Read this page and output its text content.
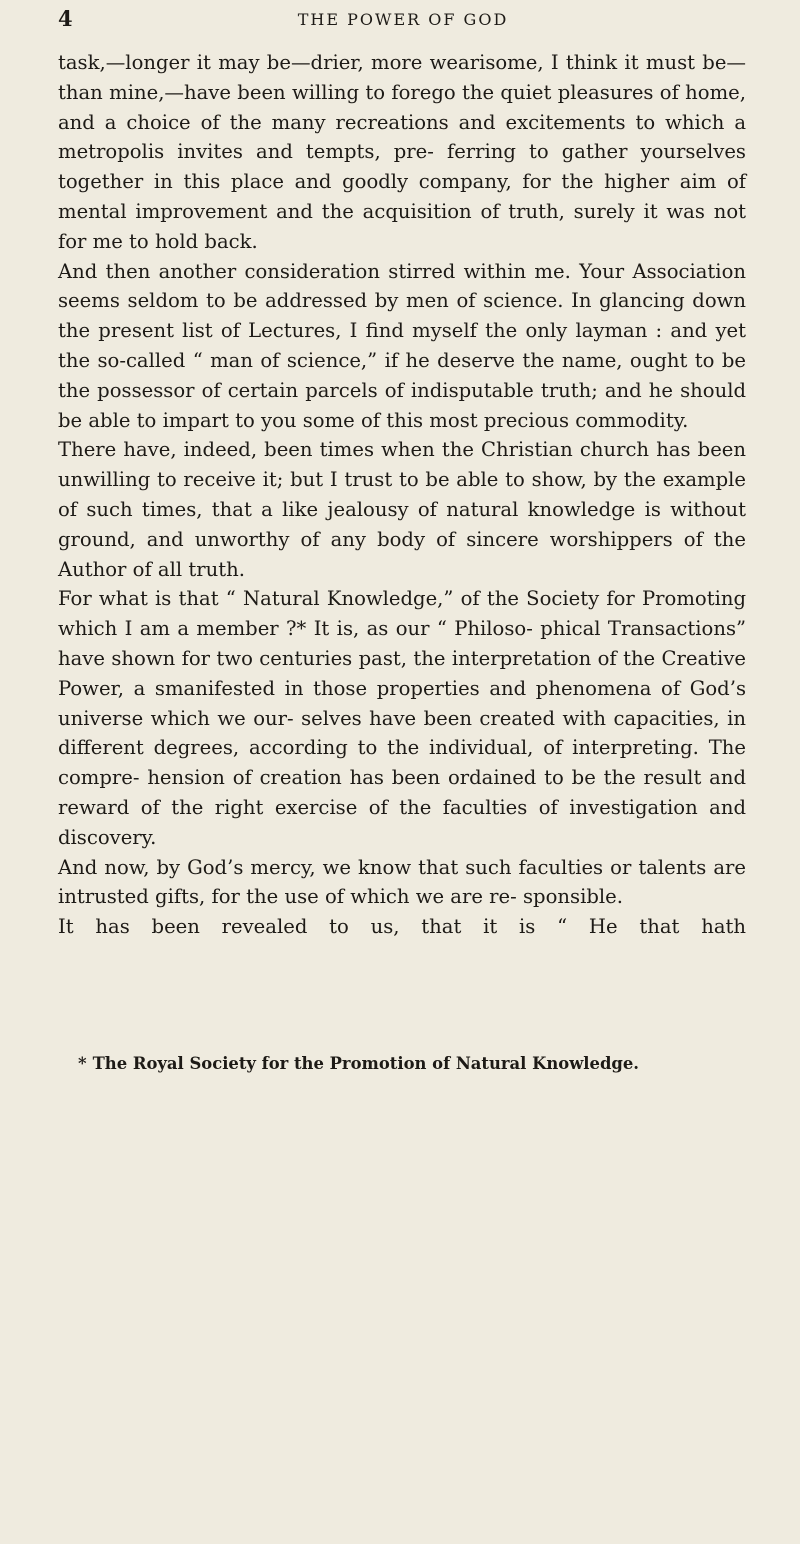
4	THE POWER OF GOD

task,—longer it may be—drier, more wearisome, I think it must be—than mine,—have been willing to forego the quiet pleasures of home, and a choice of the many recreations and excitements to which a metropolis invites and tempts, pre- ferring to gather yourselves together in this place and goodly company, for the higher aim of mental improvement and the acquisition of truth, surely it was not for me to hold back.

And then another consideration stirred within me. Your Association seems seldom to be addressed by men of science. In glancing down the present list of Lectures, I find myself the only layman : and yet the so-called “ man of science,” if he deserve the name, ought to be the possessor of certain parcels of indisputable truth; and he should be able to impart to you some of this most precious commodity.

There have, indeed, been times when the Christian church has been unwilling to receive it; but I trust to be able to show, by the example of such times, that a like jealousy of natural knowledge is without ground, and unworthy of any body of sincere worshippers of the Author of all truth.

For what is that “ Natural Knowledge,” of the Society for Promoting which I am a member ?* It is, as our “ Philoso- phical Transactions” have shown for two centuries past, the interpretation of the Creative Power, a smanifested in those properties and phenomena of God’s universe which we our- selves have been created with capacities, in different degrees, according to the individual, of interpreting. The compre- hension of creation has been ordained to be the result and reward of the right exercise of the faculties of investigation and discovery.

And now, by God’s mercy, we know that such faculties or talents are intrusted gifts, for the use of which we are re- sponsible.

It has been revealed to us, that it is “ He that hath

* The Royal Society for the Promotion of Natural Knowledge.
